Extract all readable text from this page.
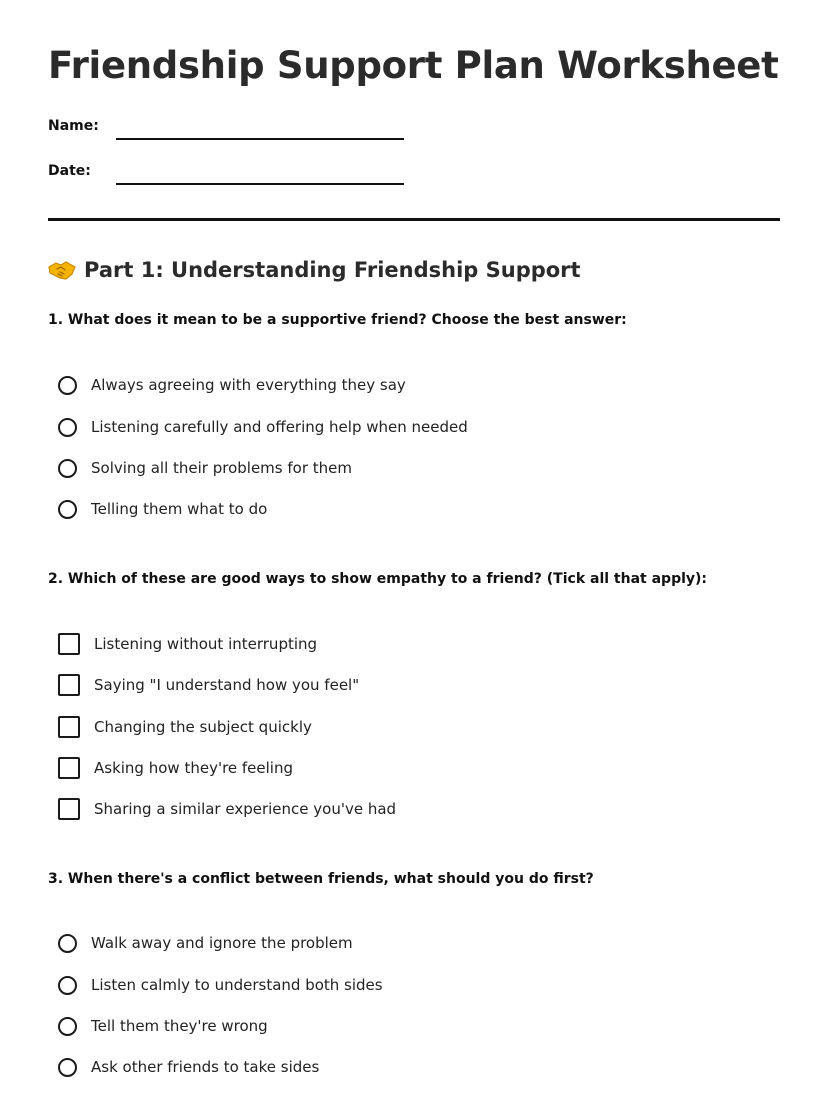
Friendship Support Plan Worksheet
Name:
Date:
Part 1: Understanding Friendship Support

1. What does it mean to be a supportive friend? Choose the best answer:

Always agreeing with everything they say
Listening carefully and offering help when needed
Solving all their problems for them
Telling them what to do

2. Which of these are good ways to show empathy to a friend? (Tick all that apply):

Listening without interrupting
Saying "I understand how you feel"
Changing the subject quickly
Asking how they're feeling
Sharing a similar experience you've had

3. When there's a conflict between friends, what should you do first?

Walk away and ignore the problem
Listen calmly to understand both sides
Tell them they're wrong
Ask other friends to take sides
